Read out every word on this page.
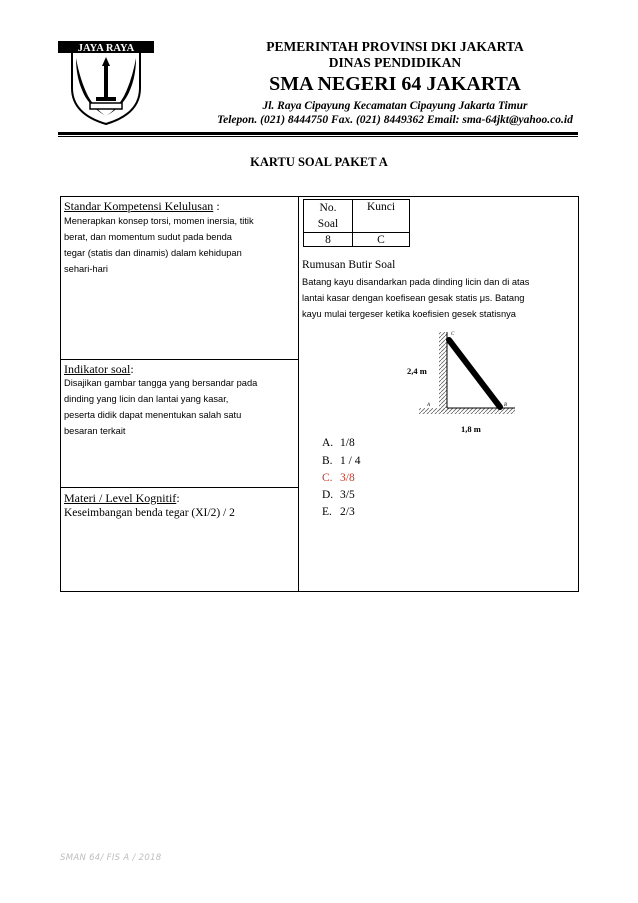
JAYA RAYA	PEMERINTAH PROVINSI DKI JAKARTA
DINAS PENDIDIKAN
SMA NEGERI 64 JAKARTA
Jl. Raya Cipayung Kecamatan Cipayung Jakarta Timur
Telepon. (021) 8444750 Fax. (021) 8449362 Email: sma-64jkt@yahoo.co.id
KARTU SOAL PAKET A
Standar Kompetensi Kelulusan :
Menerapkan konsep torsi, momen inersia, titik
berat, dan momentum sudut pada benda
tegar (statis dan dinamis) dalam kehidupan
sehari-hari
Indikator soal:
Disajikan gambar tangga yang bersandar pada
dinding yang licin dan lantai yang kasar,
peserta didik dapat menentukan salah satu
besaran terkait
Materi / Level Kognitif:
Keseimbangan benda tegar (XI/2) / 2
No.
Soal	Kunci
8	C
Rumusan Butir Soal
Batang kayu disandarkan pada dinding licin dan di atas
lantai kasar dengan koefisean gesak statis μs. Batang
kayu mulai tergeser ketika koefisien gesek statisnya
C
A	B
2,4 m
1,8 m
A. 1/8
B. 1 / 4
C. 3/8
D. 3/5
E. 2/3
SMAN 64/ FIS A / 2018
